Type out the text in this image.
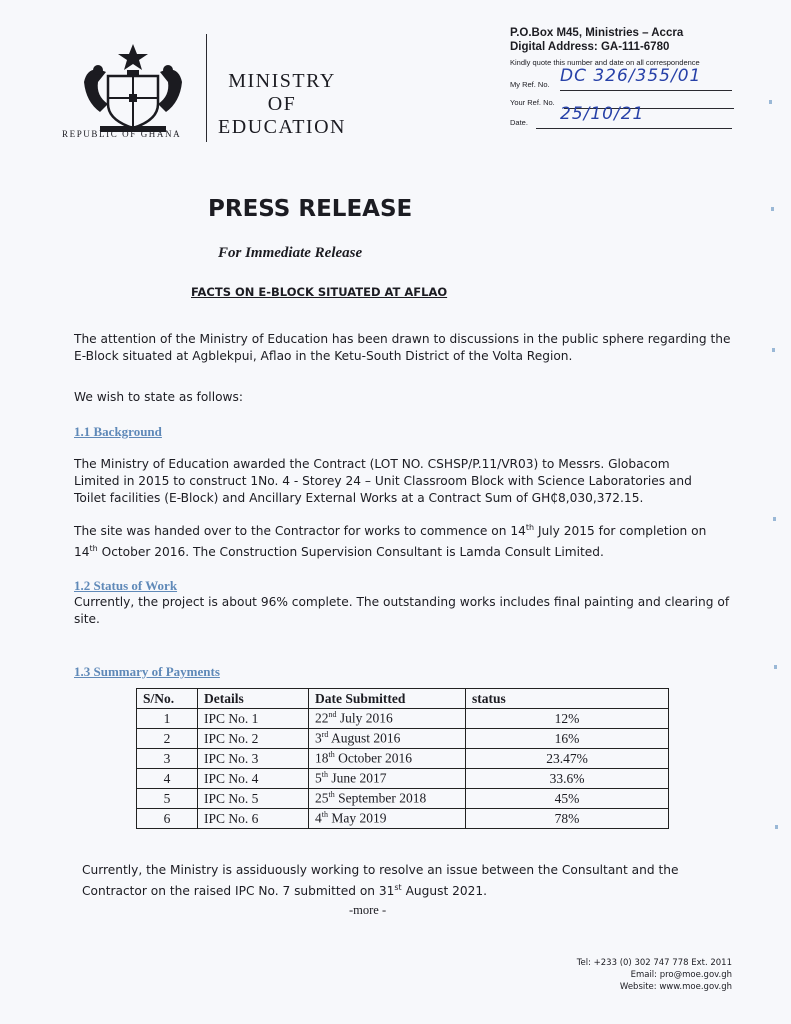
REPUBLIC OF GHANA
MINISTRY
OF
EDUCATION
P.O.Box M45, Ministries – Accra
Digital Address: GA-111-6780
Kindly quote this number and date on all correspondence
My Ref. No. DC 326/355/01
Your Ref. No.
Date. 25/10/21
PRESS RELEASE
For Immediate Release
FACTS ON E-BLOCK SITUATED AT AFLAO
The attention of the Ministry of Education has been drawn to discussions in the public sphere regarding the
E-Block situated at Agblekpui, Aflao in the Ketu-South District of the Volta Region.
We wish to state as follows:
1.1 Background
The Ministry of Education awarded the Contract (LOT NO. CSHSP/P.11/VR03) to Messrs. Globacom
Limited in 2015 to construct 1No. 4 - Storey 24 – Unit Classroom Block with Science Laboratories and
Toilet facilities (E-Block) and Ancillary External Works at a Contract Sum of GH₵8,030,372.15.
The site was handed over to the Contractor for works to commence on 14th July 2015 for completion on
14th October 2016. The Construction Supervision Consultant is Lamda Consult Limited.
1.2 Status of Work
Currently, the project is about 96% complete. The outstanding works includes final painting and clearing of
site.
1.3 Summary of Payments
S/No.	Details	Date Submitted	status
1	IPC No. 1	22nd July 2016	12%
2	IPC No. 2	3rd August 2016	16%
3	IPC No. 3	18th October 2016	23.47%
4	IPC No. 4	5th June 2017	33.6%
5	IPC No. 5	25th September 2018	45%
6	IPC No. 6	4th May 2019	78%
Currently, the Ministry is assiduously working to resolve an issue between the Consultant and the
Contractor on the raised IPC No. 7 submitted on 31st August 2021.
-more -
Tel: +233 (0) 302 747 778 Ext. 2011
Email: pro@moe.gov.gh
Website: www.moe.gov.gh
